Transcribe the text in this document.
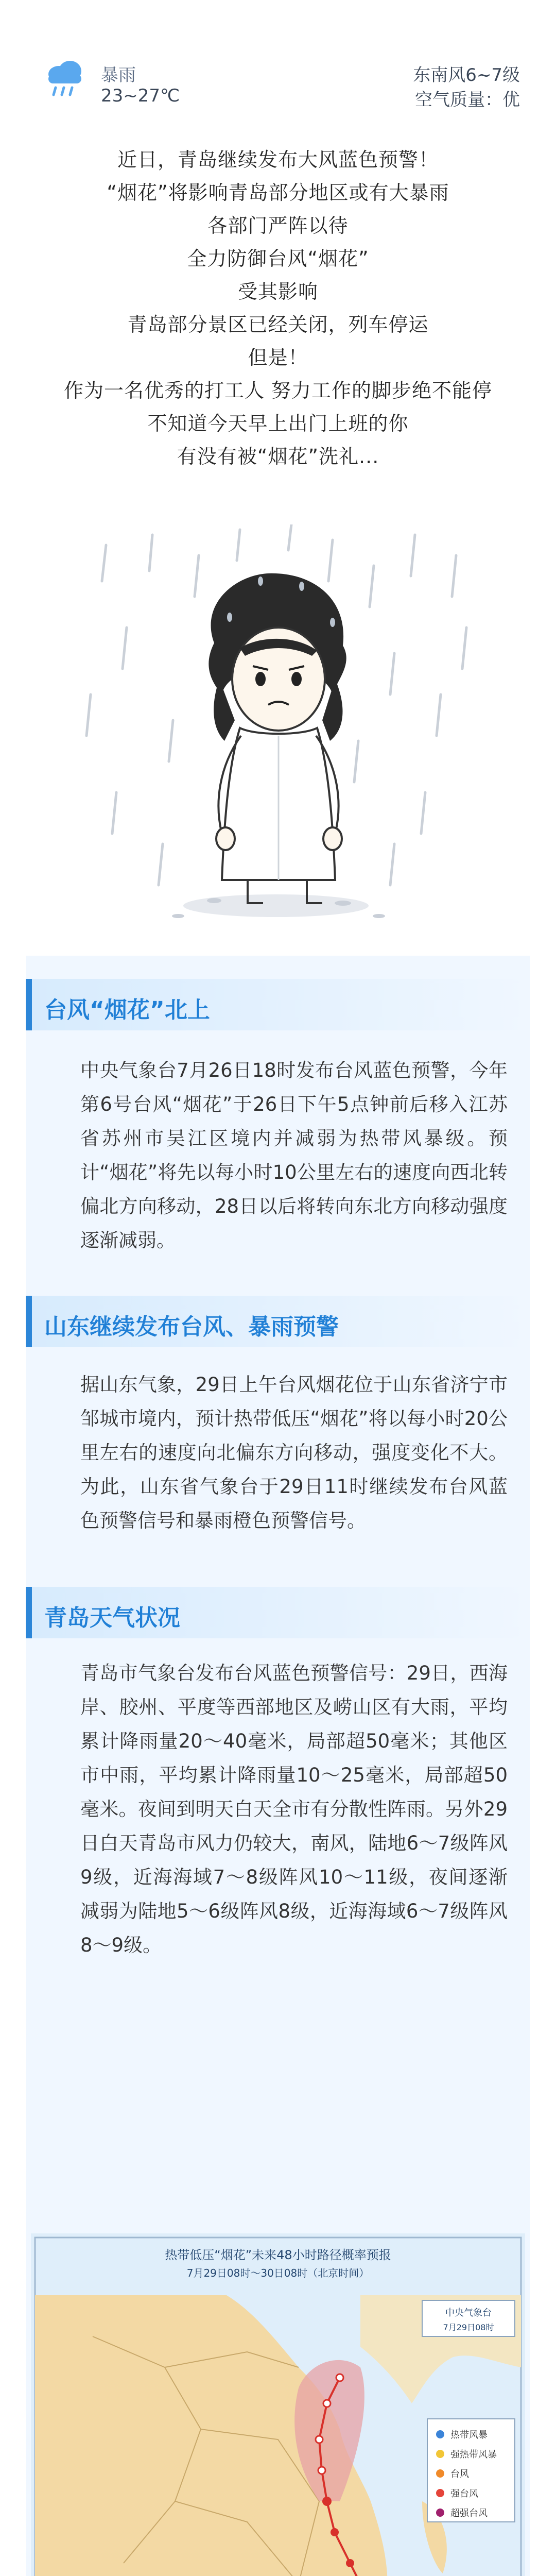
暴雨
23~27℃
东南风6~7级
空气质量：优

近日，青岛继续发布大风蓝色预警！

“烟花”将影响青岛部分地区或有大暴雨

各部门严阵以待

全力防御台风“烟花”

受其影响

青岛部分景区已经关闭，列车停运

但是！

作为一名优秀的打工人 努力工作的脚步绝不能停

不知道今天早上出门上班的你

有没有被“烟花”洗礼...

台风“烟花”北上

中央气象台7月26日18时发布台风蓝色预警，今年第6号台风“烟花”于26日下午5点钟前后移入江苏省苏州市吴江区境内并减弱为热带风暴级。预计“烟花”将先以每小时10公里左右的速度向西北转偏北方向移动，28日以后将转向东北方向移动强度逐渐减弱。

山东继续发布台风、暴雨预警

据山东气象，29日上午台风烟花位于山东省济宁市邹城市境内，预计热带低压“烟花”将以每小时20公里左右的速度向北偏东方向移动，强度变化不大。为此，山东省气象台于29日11时继续发布台风蓝色预警信号和暴雨橙色预警信号。

青岛天气状况

青岛市气象台发布台风蓝色预警信号：29日，西海岸、胶州、平度等西部地区及崂山区有大雨，平均累计降雨量20～40毫米，局部超50毫米；其他区市中雨，平均累计降雨量10～25毫米，局部超50毫米。夜间到明天白天全市有分散性阵雨。另外29日白天青岛市风力仍较大，南风，陆地6～7级阵风9级，近海海域7～8级阵风10～11级，夜间逐渐减弱为陆地5～6级阵风8级，近海海域6～7级阵风8～9级。

热带低压“烟花”未来48小时路径概率预报
7月29日08时～30日08时（北京时间）
热带风暴
强热带风暴
台风
强台风
超强台风
中央气象台
7月29日08时
